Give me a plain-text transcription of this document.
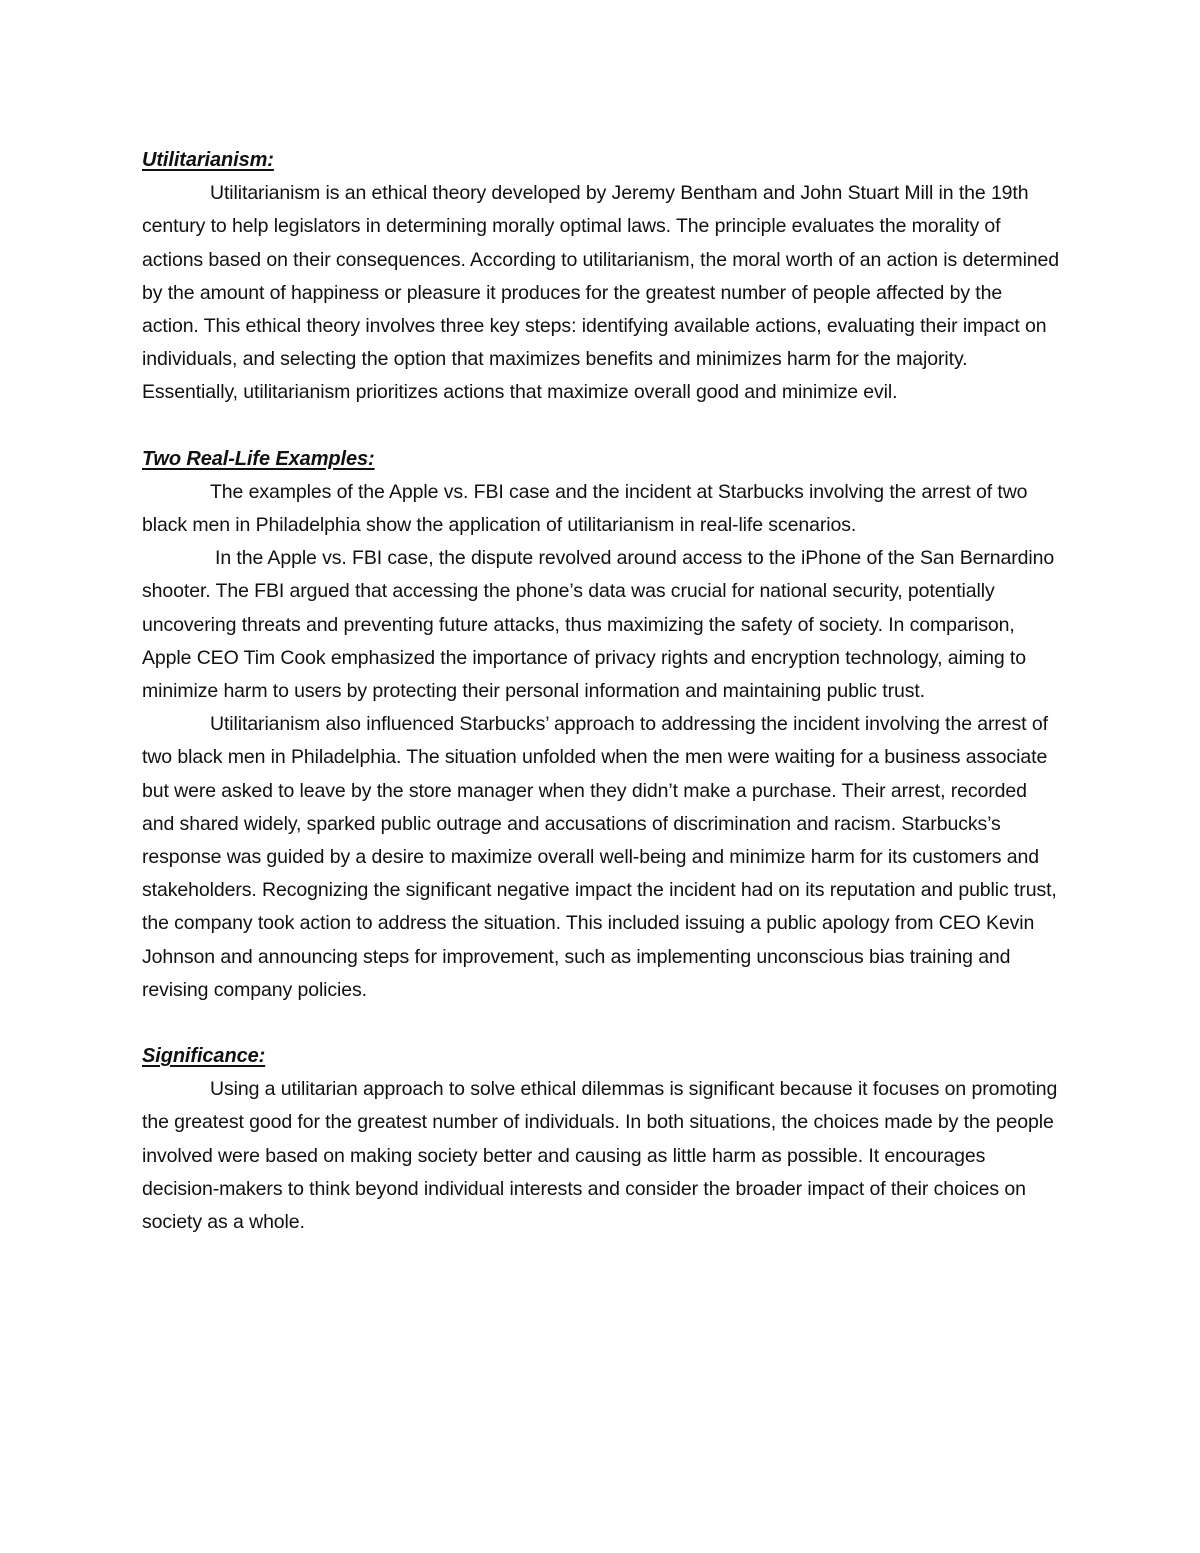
Utilitarianism:

Utilitarianism is an ethical theory developed by Jeremy Bentham and John Stuart Mill in the 19th century to help legislators in determining morally optimal laws. The principle evaluates the morality of actions based on their consequences. According to utilitarianism, the moral worth of an action is determined by the amount of happiness or pleasure it produces for the greatest number of people affected by the action. This ethical theory involves three key steps: identifying available actions, evaluating their impact on individuals, and selecting the option that maximizes benefits and minimizes harm for the majority. Essentially, utilitarianism prioritizes actions that maximize overall good and minimize evil.

Two Real-Life Examples:

The examples of the Apple vs. FBI case and the incident at Starbucks involving the arrest of two black men in Philadelphia show the application of utilitarianism in real-life scenarios.

In the Apple vs. FBI case, the dispute revolved around access to the iPhone of the San Bernardino shooter. The FBI argued that accessing the phone’s data was crucial for national security, potentially uncovering threats and preventing future attacks, thus maximizing the safety of society. In comparison, Apple CEO Tim Cook emphasized the importance of privacy rights and encryption technology, aiming to minimize harm to users by protecting their personal information and maintaining public trust.

Utilitarianism also influenced Starbucks’ approach to addressing the incident involving the arrest of two black men in Philadelphia. The situation unfolded when the men were waiting for a business associate but were asked to leave by the store manager when they didn’t make a purchase. Their arrest, recorded and shared widely, sparked public outrage and accusations of discrimination and racism. Starbucks’s response was guided by a desire to maximize overall well-being and minimize harm for its customers and stakeholders. Recognizing the significant negative impact the incident had on its reputation and public trust, the company took action to address the situation. This included issuing a public apology from CEO Kevin Johnson and announcing steps for improvement, such as implementing unconscious bias training and revising company policies.

Significance:

Using a utilitarian approach to solve ethical dilemmas is significant because it focuses on promoting the greatest good for the greatest number of individuals. In both situations, the choices made by the people involved were based on making society better and causing as little harm as possible. It encourages decision-makers to think beyond individual interests and consider the broader impact of their choices on society as a whole.
